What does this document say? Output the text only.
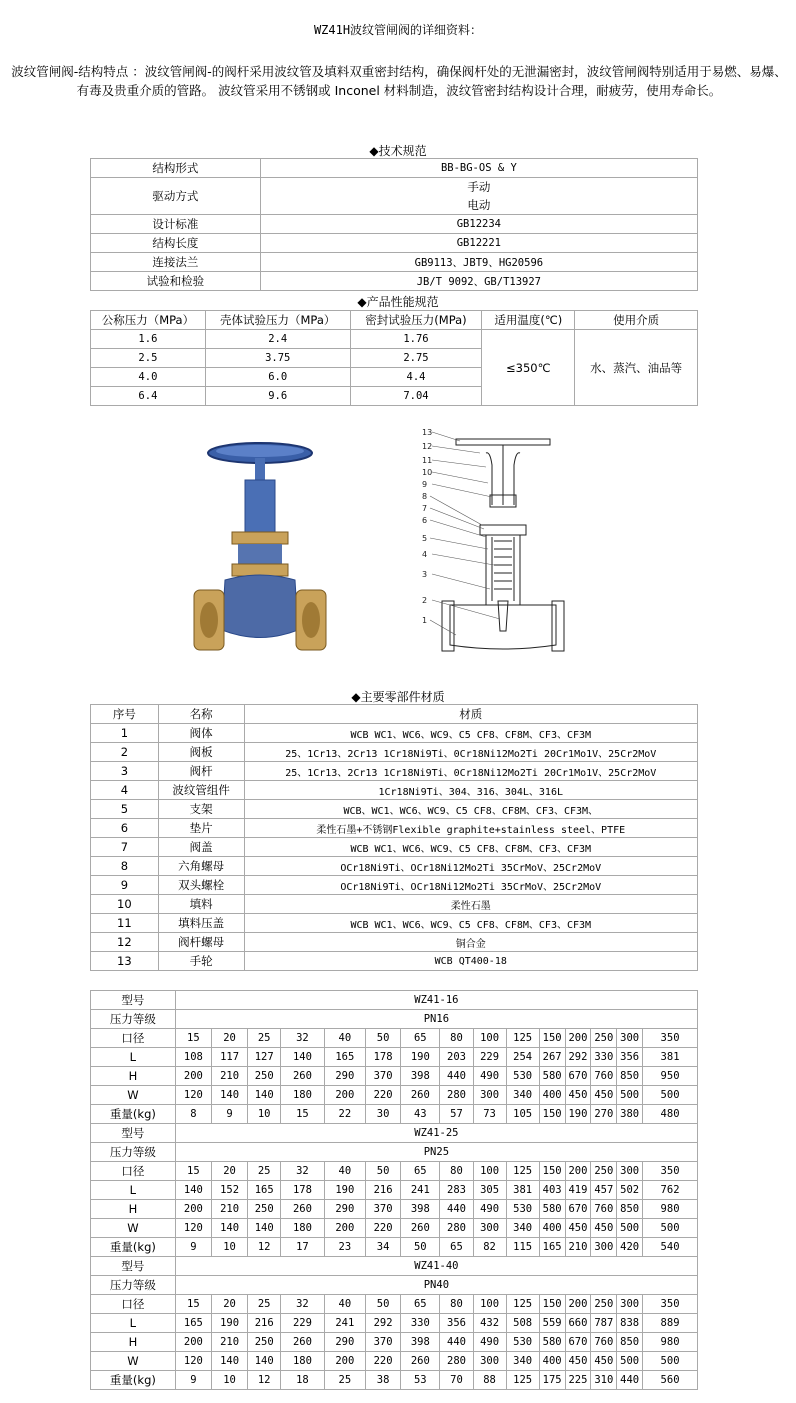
WZ41H波纹管闸阀的详细资料：
波纹管闸阀-结构特点 ：波纹管闸阀-的阀杆采用波纹管及填料双重密封结构，确保阀杆处的无泄漏密封，波纹管闸阀特别适用于易燃、易爆、有毒及贵重介质的管路。 波纹管采用不锈钢或 Inconel 材料制造，波纹管密封结构设计合理，耐疲劳，使用寿命长。
◆技术规范
结构形式	BB-BG-OS & Y
驱动方式	手动
	电动
设计标准	GB12234
结构长度	GB12221
连接法兰	GB9113、JBT9、HG20596
试验和检验	JB/T 9092、GB/T13927
◆产品性能规范
公称压力（MPa）	壳体试验压力（MPa）	密封试验压力(MPa)	适用温度(℃)	使用介质
1.6	2.4	1.76	≤350℃	水、蒸汽、油品等
2.5	3.75	2.75		
4.0	6.0	4.4		
6.4	9.6	7.04		
13
12
11
10
9
8
7
6
5
4
3
2
1
◆主要零部件材质
序号	名称	材质
1	阀体	WCB WC1、WC6、WC9、C5 CF8、CF8M、CF3、CF3M
2	阀板	25、1Cr13、2Cr13 1Cr18Ni9Ti、0Cr18Ni12Mo2Ti 20Cr1Mo1V、25Cr2MoV
3	阀杆	25、1Cr13、2Cr13 1Cr18Ni9Ti、0Cr18Ni12Mo2Ti 20Cr1Mo1V、25Cr2MoV
4	波纹管组件	1Cr18Ni9Ti、304、316、304L、316L
5	支架	WCB、WC1、WC6、WC9、C5 CF8、CF8M、CF3、CF3M、
6	垫片	柔性石墨+不锈钢Flexible graphite+stainless steel、PTFE
7	阀盖	WCB WC1、WC6、WC9、C5 CF8、CF8M、CF3、CF3M
8	六角螺母	OCr18Ni9Ti、OCr18Ni12Mo2Ti 35CrMoV、25Cr2MoV
9	双头螺栓	OCr18Ni9Ti、OCr18Ni12Mo2Ti 35CrMoV、25Cr2MoV
10	填料	柔性石墨
11	填料压盖	WCB WC1、WC6、WC9、C5 CF8、CF8M、CF3、CF3M
12	阀杆螺母	铜合金
13	手轮	WCB QT400-18
型号	WZ41-16														
压力等级	PN16														
口径	15	20	25	32	40	50	65	80	100	125	150	200	250	300	350
L	108	117	127	140	165	178	190	203	229	254	267	292	330	356	381
H	200	210	250	260	290	370	398	440	490	530	580	670	760	850	950
W	120	140	140	180	200	220	260	280	300	340	400	450	450	500	500
重量(kg)	8	9	10	15	22	30	43	57	73	105	150	190	270	380	480
型号	WZ41-25														
压力等级	PN25														
口径	15	20	25	32	40	50	65	80	100	125	150	200	250	300	350
L	140	152	165	178	190	216	241	283	305	381	403	419	457	502	762
H	200	210	250	260	290	370	398	440	490	530	580	670	760	850	980
W	120	140	140	180	200	220	260	280	300	340	400	450	450	500	500
重量(kg)	9	10	12	17	23	34	50	65	82	115	165	210	300	420	540
型号	WZ41-40														
压力等级	PN40														
口径	15	20	25	32	40	50	65	80	100	125	150	200	250	300	350
L	165	190	216	229	241	292	330	356	432	508	559	660	787	838	889
H	200	210	250	260	290	370	398	440	490	530	580	670	760	850	980
W	120	140	140	180	200	220	260	280	300	340	400	450	450	500	500
重量(kg)	9	10	12	18	25	38	53	70	88	125	175	225	310	440	560
